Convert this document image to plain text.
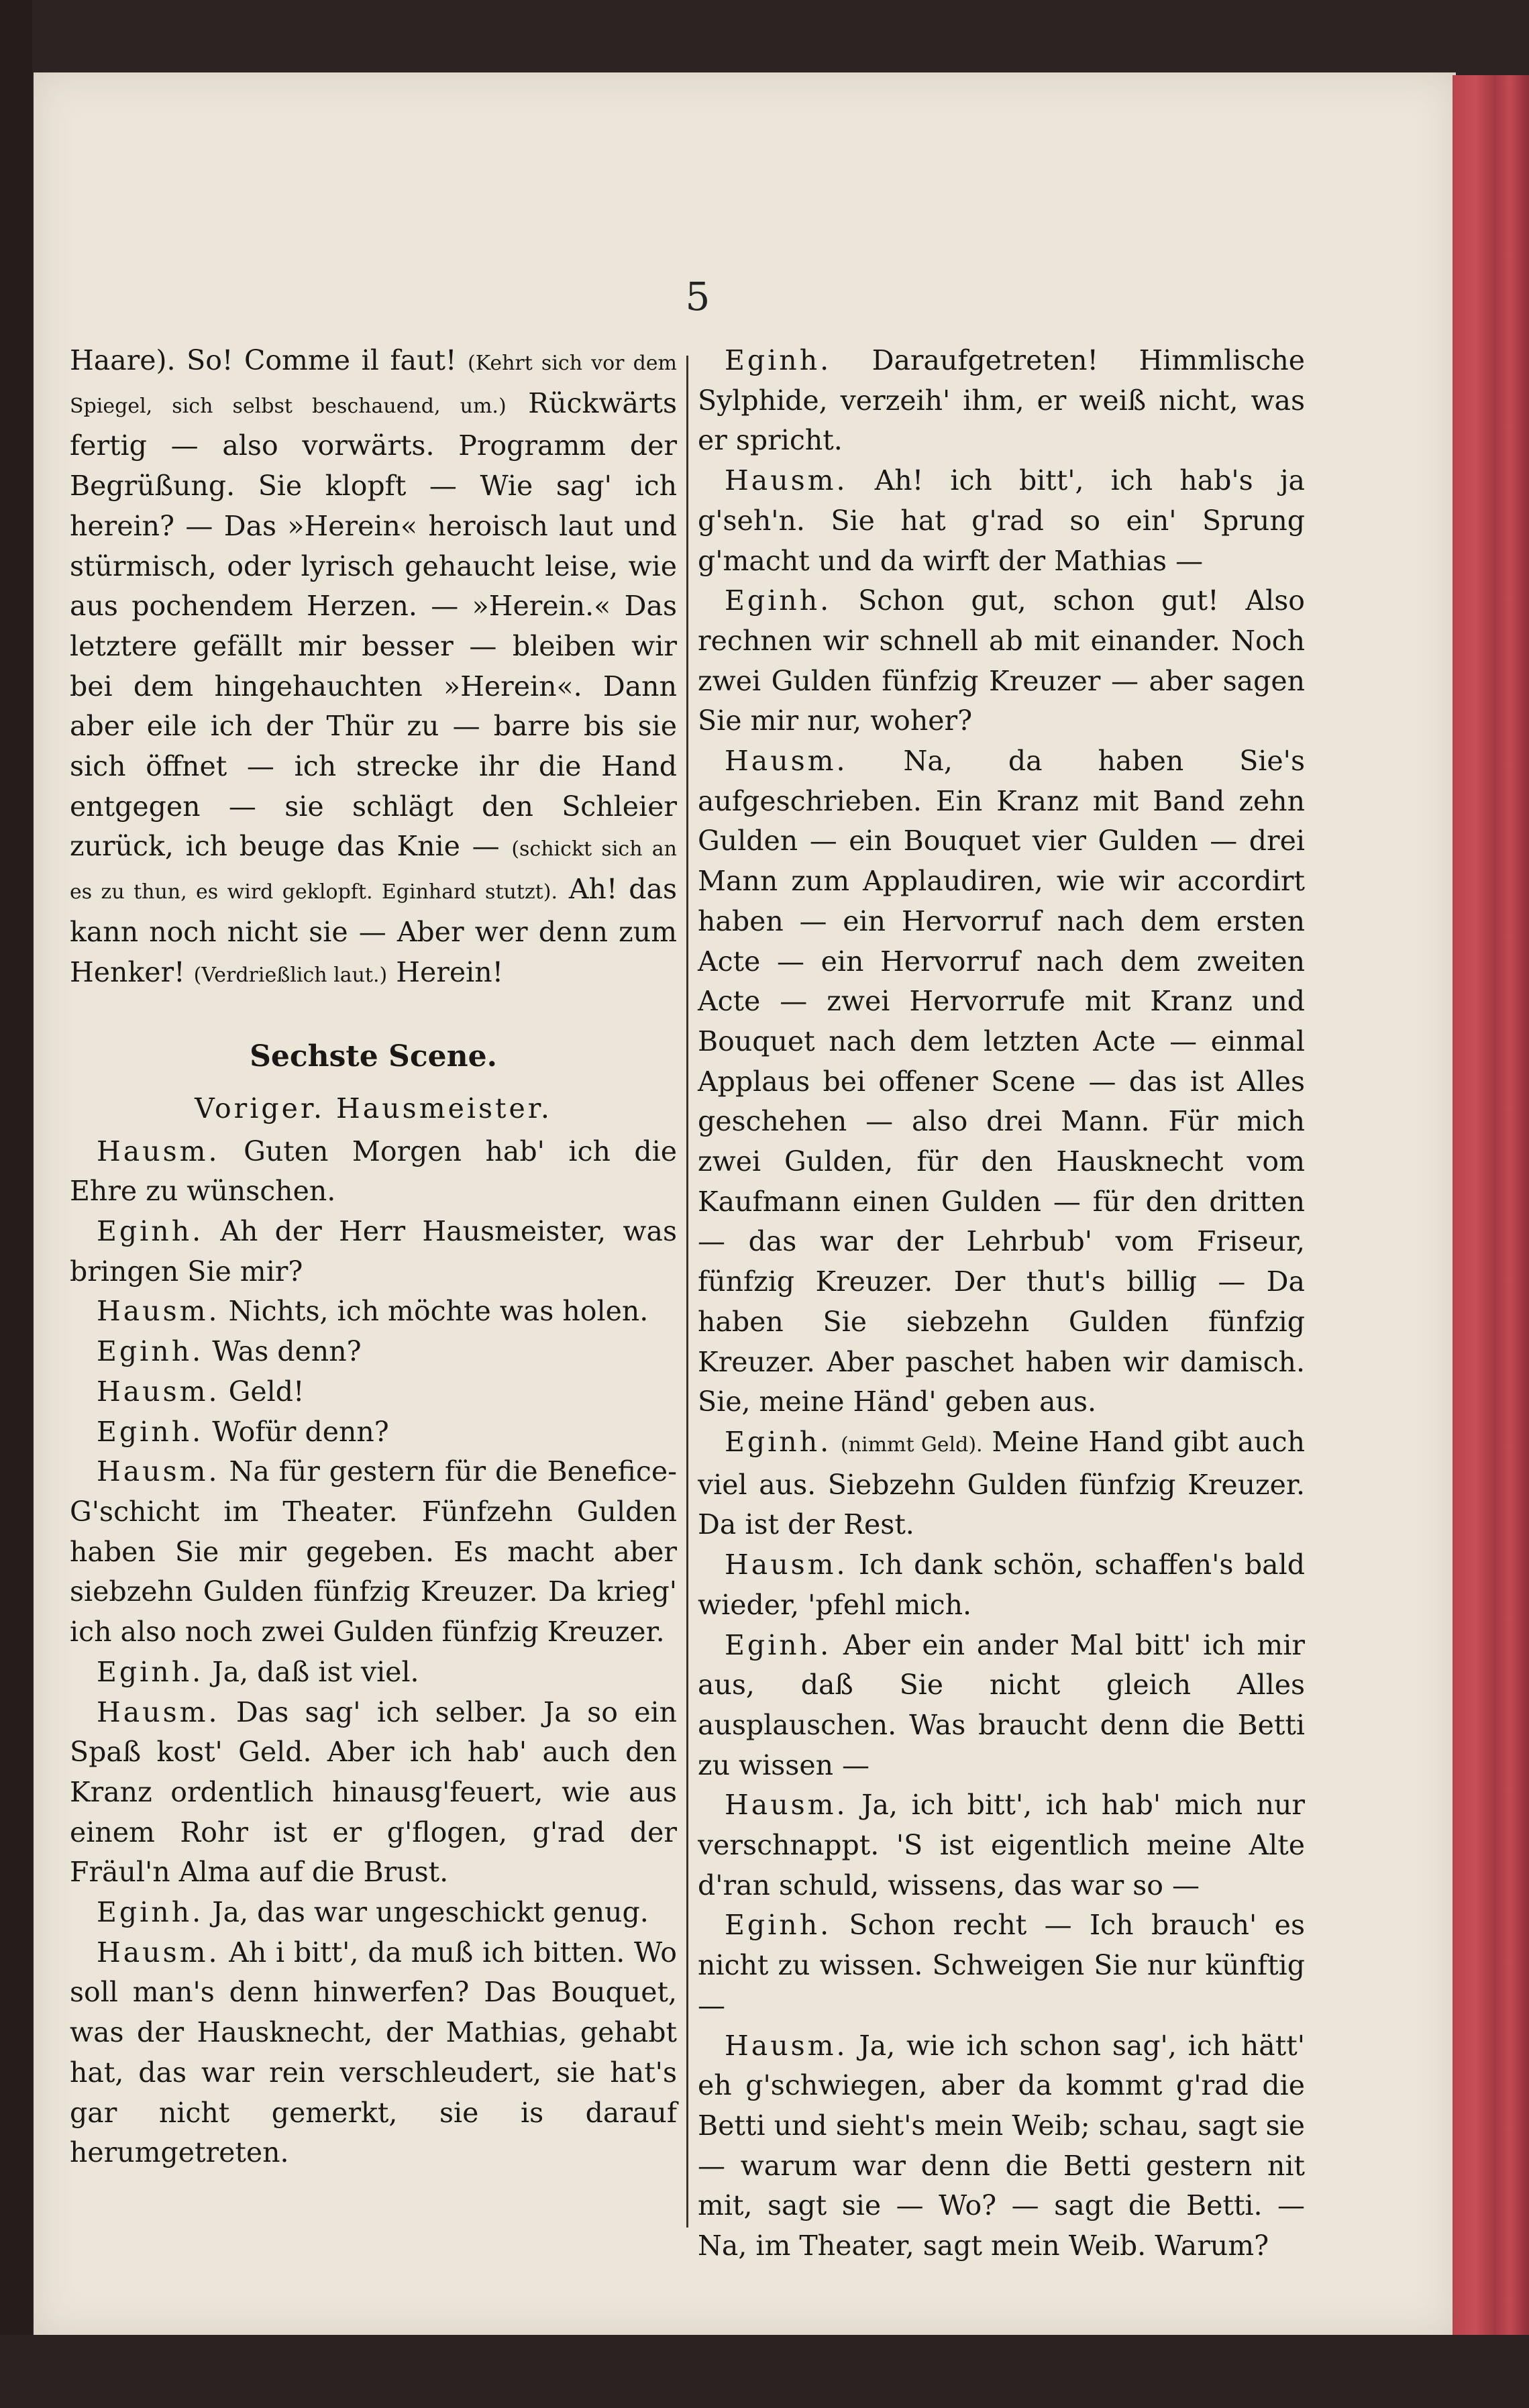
5

Haare). So! Comme il faut! (Kehrt sich vor dem Spiegel, sich selbst beschauend, um.) Rückwärts fertig — also vorwärts. Programm der Begrüßung. Sie klopft — Wie sag' ich herein? — Das »Herein« heroisch laut und stürmisch, oder lyrisch gehaucht leise, wie aus pochendem Herzen. — »Herein.« Das letztere gefällt mir besser — bleiben wir bei dem hingehauchten »Herein«. Dann aber eile ich der Thür zu — barre bis sie sich öffnet — ich strecke ihr die Hand entgegen — sie schlägt den Schleier zurück, ich beuge das Knie — (schickt sich an es zu thun, es wird geklopft. Eginhard stutzt). Ah! das kann noch nicht sie — Aber wer denn zum Henker! (Verdrießlich laut.) Herein!

Sechste Scene.
Voriger. Hausmeister.

Hausm. Guten Morgen hab' ich die Ehre zu wünschen.

Eginh. Ah der Herr Hausmeister, was bringen Sie mir?

Hausm. Nichts, ich möchte was holen.

Eginh. Was denn?

Hausm. Geld!

Eginh. Wofür denn?

Hausm. Na für gestern für die Benefice-G'schicht im Theater. Fünfzehn Gulden haben Sie mir gegeben. Es macht aber siebzehn Gulden fünfzig Kreuzer. Da krieg' ich also noch zwei Gulden fünfzig Kreuzer.

Eginh. Ja, daß ist viel.

Hausm. Das sag' ich selber. Ja so ein Spaß kost' Geld. Aber ich hab' auch den Kranz ordentlich hinausg'feuert, wie aus einem Rohr ist er g'flogen, g'rad der Fräul'n Alma auf die Brust.

Eginh. Ja, das war ungeschickt genug.

Hausm. Ah i bitt', da muß ich bitten. Wo soll man's denn hinwerfen? Das Bouquet, was der Hausknecht, der Mathias, gehabt hat, das war rein verschleudert, sie hat's gar nicht gemerkt, sie is darauf herumgetreten.

Eginh. Daraufgetreten! Himmlische Sylphide, verzeih' ihm, er weiß nicht, was er spricht.

Hausm. Ah! ich bitt', ich hab's ja g'seh'n. Sie hat g'rad so ein' Sprung g'macht und da wirft der Mathias —

Eginh. Schon gut, schon gut! Also rechnen wir schnell ab mit einander. Noch zwei Gulden fünfzig Kreuzer — aber sagen Sie mir nur, woher?

Hausm. Na, da haben Sie's aufgeschrieben. Ein Kranz mit Band zehn Gulden — ein Bouquet vier Gulden — drei Mann zum Applaudiren, wie wir accordirt haben — ein Hervorruf nach dem ersten Acte — ein Hervorruf nach dem zweiten Acte — zwei Hervorrufe mit Kranz und Bouquet nach dem letzten Acte — einmal Applaus bei offener Scene — das ist Alles geschehen — also drei Mann. Für mich zwei Gulden, für den Hausknecht vom Kaufmann einen Gulden — für den dritten — das war der Lehrbub' vom Friseur, fünfzig Kreuzer. Der thut's billig — Da haben Sie siebzehn Gulden fünfzig Kreuzer. Aber paschet haben wir damisch. Sie, meine Händ' geben aus.

Eginh. (nimmt Geld). Meine Hand gibt auch viel aus. Siebzehn Gulden fünfzig Kreuzer. Da ist der Rest.

Hausm. Ich dank schön, schaffen's bald wieder, 'pfehl mich.

Eginh. Aber ein ander Mal bitt' ich mir aus, daß Sie nicht gleich Alles ausplauschen. Was braucht denn die Betti zu wissen —

Hausm. Ja, ich bitt', ich hab' mich nur verschnappt. 'S ist eigentlich meine Alte d'ran schuld, wissens, das war so —

Eginh. Schon recht — Ich brauch' es nicht zu wissen. Schweigen Sie nur künftig —

Hausm. Ja, wie ich schon sag', ich hätt' eh g'schwiegen, aber da kommt g'rad die Betti und sieht's mein Weib; schau, sagt sie — warum war denn die Betti gestern nit mit, sagt sie — Wo? — sagt die Betti. — Na, im Theater, sagt mein Weib. Warum?
